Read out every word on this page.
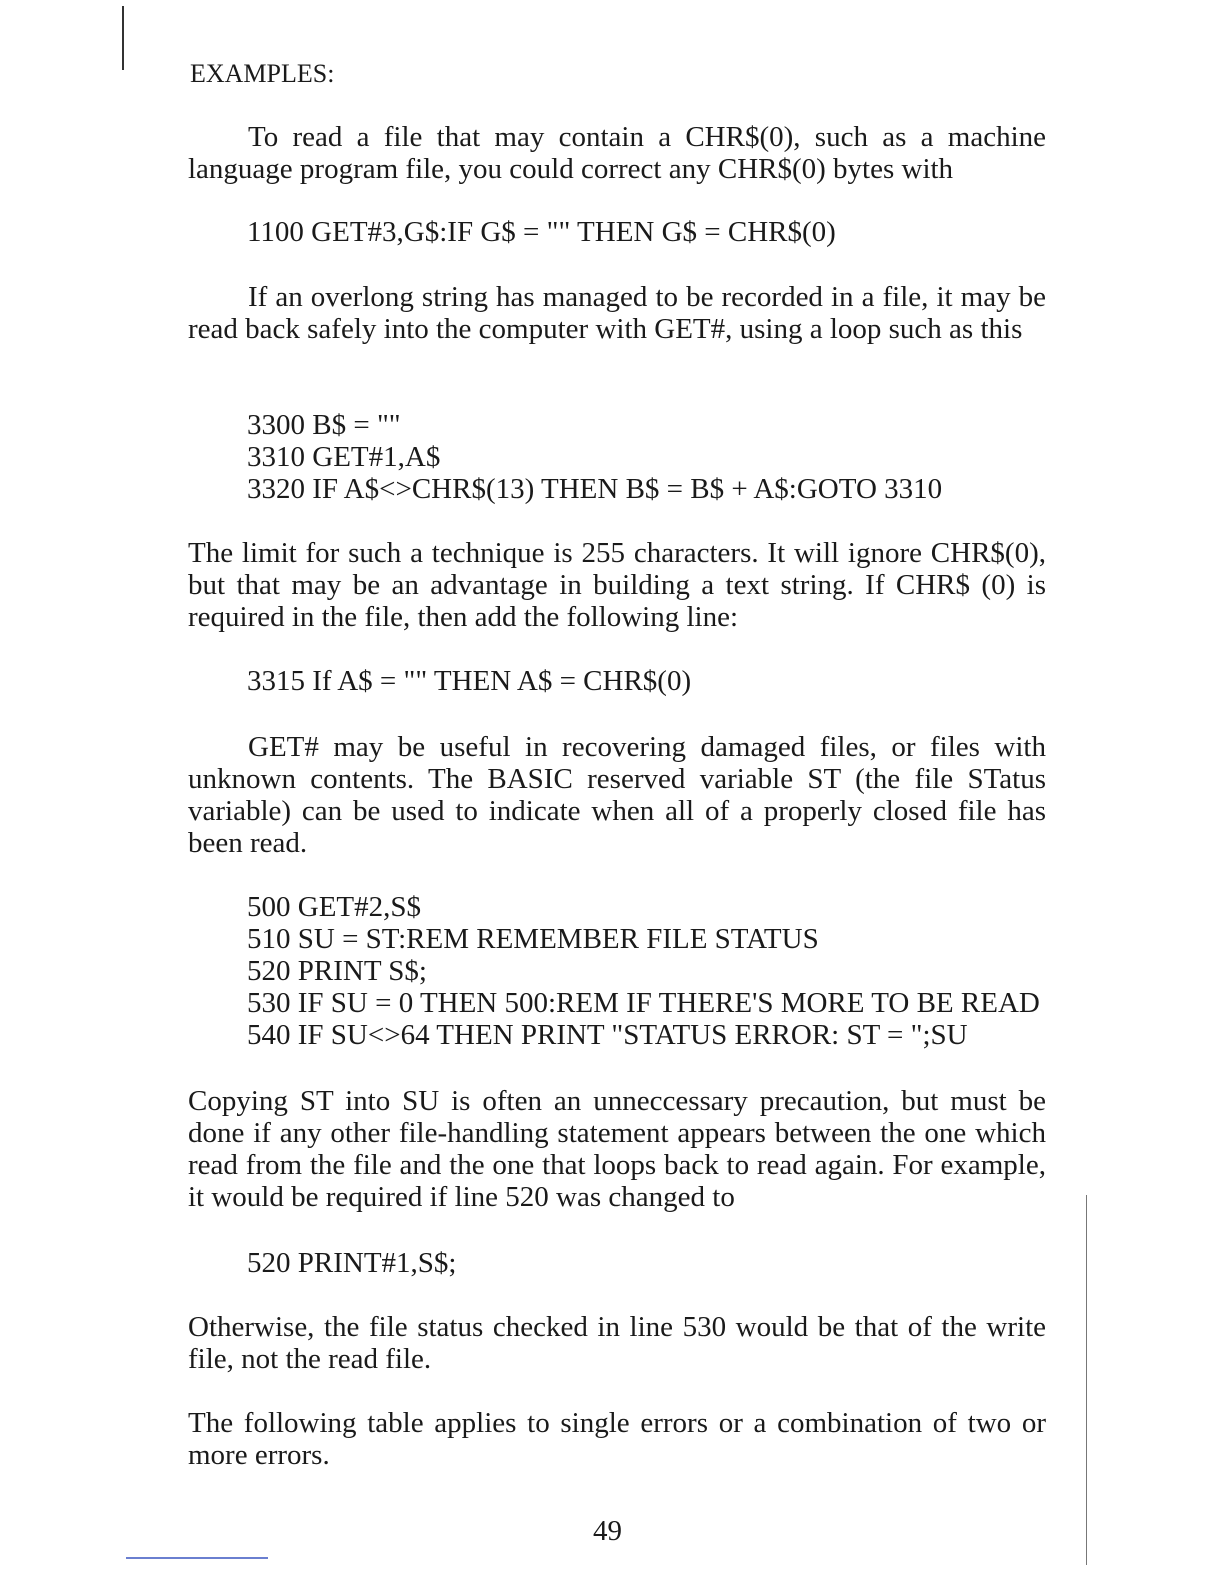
EXAMPLES:
To read a file that may contain a CHR$(0), such as a machine language program file, you could correct any CHR$(0) bytes with
1100 GET#3,G$:IF G$ = "" THEN G$ = CHR$(0)
If an overlong string has managed to be recorded in a file, it may be read back safely into the computer with GET#, using a loop such as this
3300 B$ = ""
3310 GET#1,A$
3320 IF A$<>CHR$(13) THEN B$ = B$ + A$:GOTO 3310
The limit for such a technique is 255 characters. It will ignore CHR$(0), but that may be an advantage in building a text string. If CHR$ (0) is required in the file, then add the following line:
3315 If A$ = "" THEN A$ = CHR$(0)
GET# may be useful in recovering damaged files, or files with unknown contents. The BASIC reserved variable ST (the file STatus variable) can be used to indicate when all of a properly closed file has been read.
500 GET#2,S$
510 SU = ST:REM REMEMBER FILE STATUS
520 PRINT S$;
530 IF SU = 0 THEN 500:REM IF THERE'S MORE TO BE READ
540 IF SU<>64 THEN PRINT "STATUS ERROR: ST = ";SU
Copying ST into SU is often an unneccessary precaution, but must be done if any other file-handling statement appears between the one which read from the file and the one that loops back to read again. For example, it would be required if line 520 was changed to
520 PRINT#1,S$;
Otherwise, the file status checked in line 530 would be that of the write file, not the read file.
The following table applies to single errors or a combination of two or more errors.
49
